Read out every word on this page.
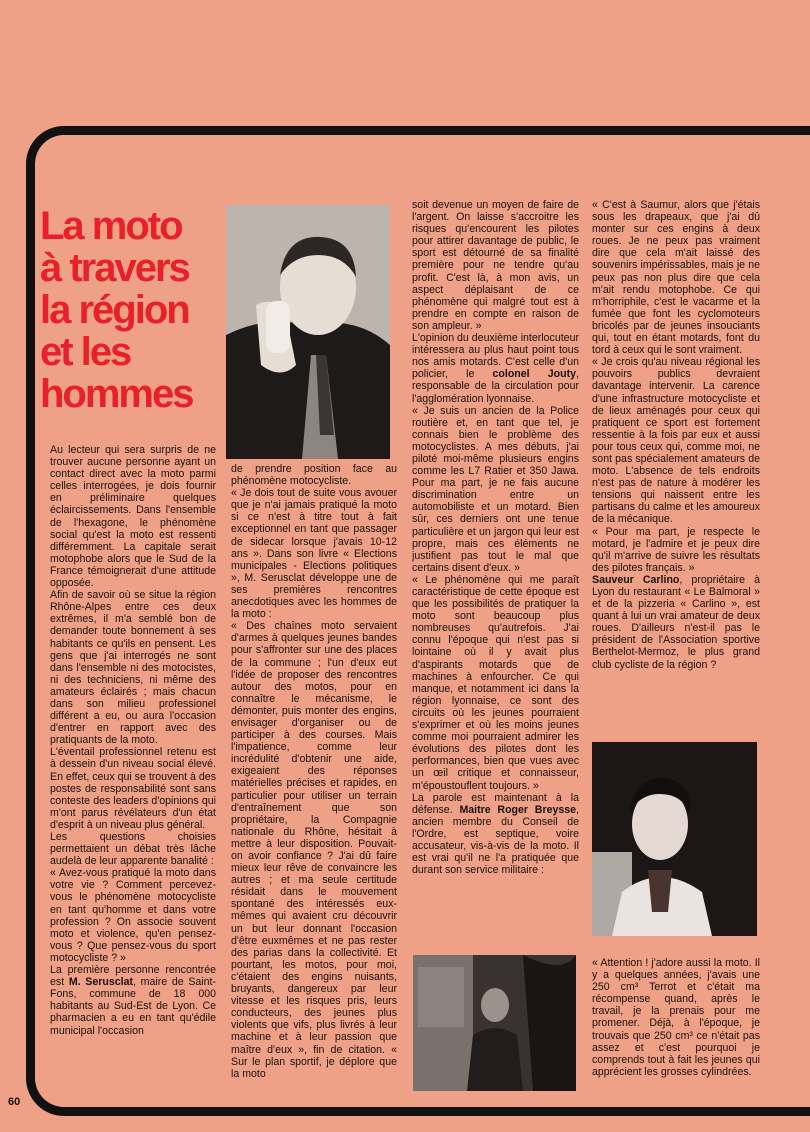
La moto
à travers
la région
et les
hommes

Au lecteur qui sera surpris de ne trouver aucune personne ayant un contact direct avec la moto parmi celles interrogées, je dois fournir en préliminaire quelques éclaircissements. Dans l'ensemble de l'hexagone, le phénomène social qu'est la moto est ressenti différemment. La capitale serait motophobe alors que le Sud de la France témoignerait d'une attitude opposée.

Afin de savoir où se situe la région Rhône-Alpes entre ces deux extrêmes, il m'a semblé bon de demander toute bonnement à ses habitants ce qu'ils en pensent. Les gens que j'ai interrogés ne sont dans l'ensemble ni des motocistes, ni des techniciens, ni même des amateurs éclairés ; mais chacun dans son milieu professionel différent a eu, ou aura l'occasion d'entrer en rapport avec des pratiquants de la moto.

L'éventail professionnel retenu est à dessein d'un niveau social élevé. En effet, ceux qui se trouvent à des postes de responsabilité sont sans conteste des leaders d'opinions qui m'ont parus révélateurs d'un état d'esprit à un niveau plus général.

Les questions choisies permettaient un débat très lâche audelà de leur apparente banalité :

« Avez-vous pratiqué la moto dans votre vie ? Comment percevez-vous le phénomène motocycliste en tant qu'homme et dans votre profession ? On associe souvent moto et violence, qu'en pensez-vous ? Que pensez-vous du sport motocycliste ? »

La première personne rencontrée est M. Serusclat, maire de Saint-Fons, commune de 18 000 habitants au Sud-Est de Lyon. Ce pharmacien a eu en tant qu'édile municipal l'occasion

de prendre position face au phénomène motocycliste.

« Je dois tout de suite vous avouer que je n'ai jamais pratiqué la moto si ce n'est à titre tout à fait exceptionnel en tant que passager de sidecar lorsque j'avais 10-12 ans ». Dans son livre « Elections municipales - Elections politiques », M. Serusclat développe une de ses premières rencontres anecdotiques avec les hommes de la moto :

« Des chaînes moto servaient d'armes à quelques jeunes bandes pour s'affronter sur une des places de la commune ; l'un d'eux eut l'idée de proposer des rencontres autour des motos, pour en connaître le mécanisme, le démonter, puis monter des engins, envisager d'organiser ou de participer à des courses. Mais l'impatience, comme leur incrédulité d'obtenir une aide, exigeaient des réponses matérielles précises et rapides, en particulier pour utiliser un terrain d'entraînement que son propriétaire, la Compagnie nationale du Rhône, hésitait à mettre à leur disposition. Pouvait-on avoir confiance ? J'ai dû faire mieux leur rêve de convaincre les autres ; et ma seule certitude résidait dans le mouvement spontané des intéressés eux-mêmes qui avaient cru découvrir un but leur donnant l'occasion d'être euxmêmes et ne pas rester des parias dans la collectivité. Et pourtant, les motos, pour moi, c'étaient des engins nuisants, bruyants, dangereux par leur vitesse et les risques pris, leurs conducteurs, des jeunes plus violents que vifs, plus livrés à leur machine et à leur passion que maître d'eux », fin de citation. « Sur le plan sportif, je déplore que la moto

soit devenue un moyen de faire de l'argent. On laisse s'accroitre les risques qu'encourent les pilotes pour attirer davantage de public, le sport est détourné de sa finalité première pour ne tendre qu'au profit. C'est là, à mon avis, un aspect déplaisant de ce phénomène qui malgré tout est à prendre en compte en raison de son ampleur. »

L'opinion du deuxième interlocuteur intéressera au plus haut point tous nos amis motards. C'est celle d'un policier, le colonel Jouty, responsable de la circulation pour l'agglomération lyonnaise.

« Je suis un ancien de la Police routière et, en tant que tel, je connais bien le problème des motocyclistes. A mes débuts, j'ai piloté moi-même plusieurs engins comme les L7 Ratier et 350 Jawa. Pour ma part, je ne fais aucune discrimination entre un automobiliste et un motard. Bien sûr, ces derniers ont une tenue particulière et un jargon qui leur est propre, mais ces éléments ne justifient pas tout le mal que certains disent d'eux. »

« Le phénomène qui me paraît caractéristique de cette époque est que les possibilités de pratiquer la moto sont beaucoup plus nombreuses qu'autrefois. J'ai connu l'époque qui n'est pas si lointaine où il y avait plus d'aspirants motards que de machines à enfourcher. Ce qui manque, et notamment ici dans la région lyonnaise, ce sont des circuits où les jeunes pourraient s'exprimer et où les moins jeunes comme moi pourraient admirer les évolutions des pilotes dont les performances, bien que vues avec un œil critique et connaisseur, m'époustouflent toujours. »

La parole est maintenant à la défense. Maitre Roger Breysse, ancien membre du Conseil de l'Ordre, est septique, voire accusateur, vis-à-vis de la moto. Il est vrai qu'il ne l'a pratiquée que durant son service militaire :

« C'est à Saumur, alors que j'étais sous les drapeaux, que j'ai dû monter sur ces engins à deux roues. Je ne peux pas vraiment dire que cela m'ait laissé des souvenirs impérissables, mais je ne peux pas non plus dire que cela m'ait rendu motophobe. Ce qui m'horriphile, c'est le vacarme et la fumée que font les cyclomoteurs bricolés par de jeunes insouciants qui, tout en étant motards, font du tord à ceux qui le sont vraiment.

« Je crois qu'au niveau régional les pouvoirs publics devraient davantage intervenir. La carence d'une infrastructure motocycliste et de lieux aménagés pour ceux qui pratiquent ce sport est fortement ressentie à la fois par eux et aussi pour tous ceux qui, comme moi, ne sont pas spécialement amateurs de moto. L'absence de tels endroits n'est pas de nature à modérer les tensions qui naissent entre les partisans du calme et les amoureux de la mécanique.

« Pour ma part, je respecte le motard, je l'admire et je peux dire qu'il m'arrive de suivre les résultats des pilotes français. »

Sauveur Carlino, propriétaire à Lyon du restaurant « Le Balmoral » et de la pizzeria « Carlino », est quant à lui un vrai amateur de deux roues. D'ailleurs n'est-il pas le président de l'Association sportive Berthelot-Mermoz, le plus grand club cycliste de la région ?

« Attention ! j'adore aussi la moto. Il y a quelques années, j'avais une 250 cm³ Terrot et c'était ma récompense quand, après le travail, je la prenais pour me promener. Déjà, à l'époque, je trouvais que 250 cm³ ce n'était pas assez et c'est pourquoi je comprends tout à fait les jeunes qui apprécient les grosses cylindrées.

60
